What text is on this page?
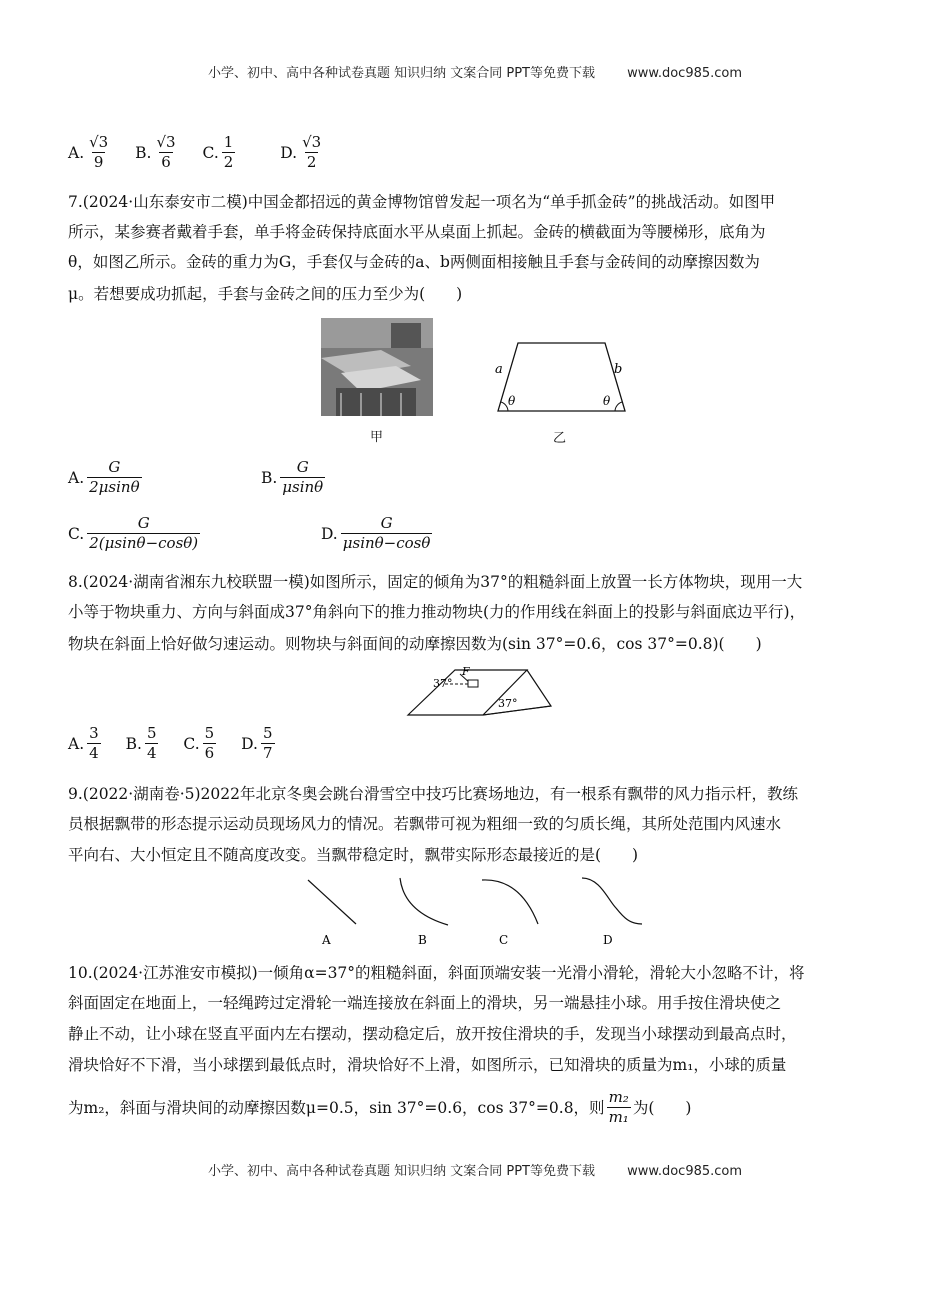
小学、初中、高中各种试卷真题 知识归纳 文案合同 PPT等免费下载 www.doc985.com
A. $\frac{√3}{9}$
B. $\frac{√3}{6}$
C. $\frac{1}{2}$
	D. $\frac{√3}{2}$
7.(2024·山东泰安市二模)中国金都招远的黄金博物馆曾发起一项名为“单手抓金砖”的挑战活动。如图甲
所示，某参赛者戴着手套，单手将金砖保持底面水平从桌面上抓起。金砖的横截面为等腰梯形，底角为
θ，如图乙所示。金砖的重力为G，手套仅与金砖的a、b两侧面相接触且手套与金砖间的动摩擦因数为
μ。若想要成功抓起，手套与金砖之间的压力至少为(　　)
甲
a	b
θ	θ
乙
A. $\frac{G}{2\mu\sin\theta}$
	B. $\frac{G}{\mu\sin\theta}$
C. $\frac{G}{2(\mu\sin\theta-\cos\theta)}$
	D. $\frac{G}{\mu\sin\theta-\cos\theta}$
8.(2024·湖南省湘东九校联盟一模)如图所示，固定的倾角为37°的粗糙斜面上放置一长方体物块，现用一大
小等于物块重力、方向与斜面成37°角斜向下的推力推动物块(力的作用线在斜面上的投影与斜面底边平行)，
物块在斜面上恰好做匀速运动。则物块与斜面间的动摩擦因数为(sin 37°=0.6，cos 37°=0.8)(　　)
37°
F
37°
A. $\frac{3}{4}$
B. $\frac{5}{4}$
C. $\frac{5}{6}$
D. $\frac{5}{7}$
9.(2022·湖南卷·5)2022年北京冬奥会跳台滑雪空中技巧比赛场地边，有一根系有飘带的风力指示杆，教练
员根据飘带的形态提示运动员现场风力的情况。若飘带可视为粗细一致的匀质长绳，其所处范围内风速水
平向右、大小恒定且不随高度改变。当飘带稳定时，飘带实际形态最接近的是(　　)
A	B	C	D
10.(2024·江苏淮安市模拟)一倾角α=37°的粗糙斜面，斜面顶端安装一光滑小滑轮，滑轮大小忽略不计，将
斜面固定在地面上，一轻绳跨过定滑轮一端连接放在斜面上的滑块，另一端悬挂小球。用手按住滑块使之
静止不动，让小球在竖直平面内左右摆动，摆动稳定后，放开按住滑块的手，发现当小球摆动到最高点时，
滑块恰好不下滑，当小球摆到最低点时，滑块恰好不上滑，如图所示，已知滑块的质量为m₁，小球的质量
为m₂，斜面与滑块间的动摩擦因数μ=0.5，sin 37°=0.6，cos 37°=0.8，则 $\frac{\text{m₂}}{\text{m₁}}$ 为(　　)
小学、初中、高中各种试卷真题 知识归纳 文案合同 PPT等免费下载 www.doc985.com
